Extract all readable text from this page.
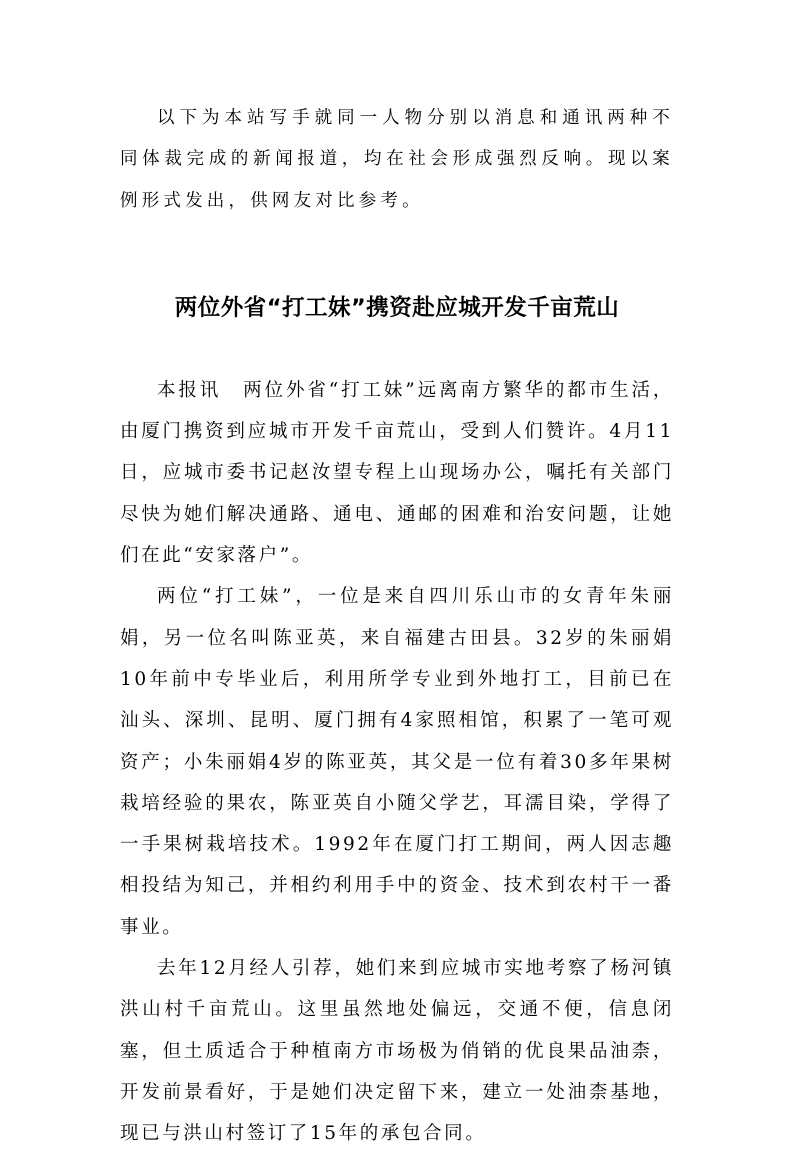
以下为本站写手就同一人物分别以消息和通讯两种不同体裁完成的新闻报道，均在社会形成强烈反响。现以案例形式发出，供网友对比参考。

两位外省“打工妹”携资赴应城开发千亩荒山

本报讯 两位外省“打工妹”远离南方繁华的都市生活，由厦门携资到应城市开发千亩荒山，受到人们赞许。4月11日，应城市委书记赵汝望专程上山现场办公，嘱托有关部门尽快为她们解决通路、通电、通邮的困难和治安问题，让她们在此“安家落户”。

两位“打工妹”，一位是来自四川乐山市的女青年朱丽娟，另一位名叫陈亚英，来自福建古田县。32岁的朱丽娟10年前中专毕业后，利用所学专业到外地打工，目前已在汕头、深圳、昆明、厦门拥有4家照相馆，积累了一笔可观资产；小朱丽娟4岁的陈亚英，其父是一位有着30多年果树栽培经验的果农，陈亚英自小随父学艺，耳濡目染，学得了一手果树栽培技术。1992年在厦门打工期间，两人因志趣相投结为知己，并相约利用手中的资金、技术到农村干一番事业。

去年12月经人引荐，她们来到应城市实地考察了杨河镇洪山村千亩荒山。这里虽然地处偏远，交通不便，信息闭塞，但土质适合于种植南方市场极为俏销的优良果品油柰，开发前景看好，于是她们决定留下来，建立一处油柰基地，现已与洪山村签订了15年的承包合同。
